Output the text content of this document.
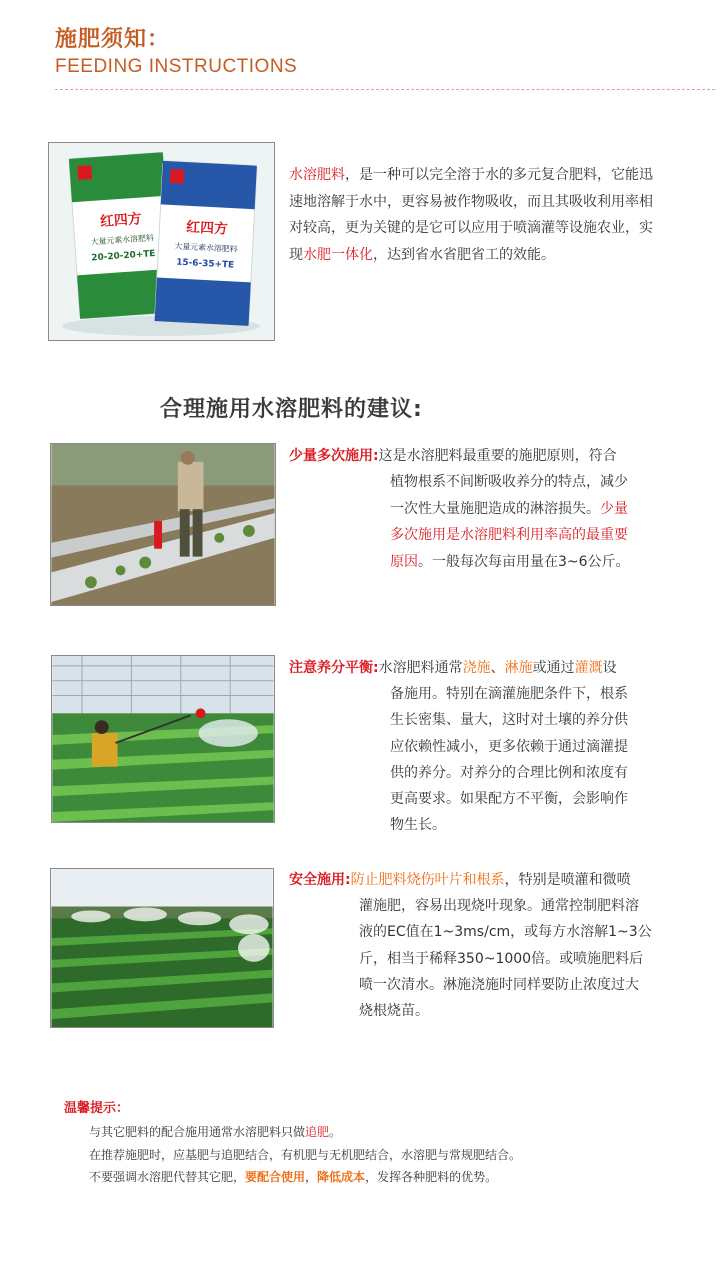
施肥须知：
FEEDING INSTRUCTIONS
红四方
大量元素水溶肥料
20-20-20+TE
红四方
大量元素水溶肥料
15-6-35+TE
水溶肥料，是一种可以完全溶于水的多元复合肥料，它能迅速地溶解于水中，更容易被作物吸收，而且其吸收利用率相对较高，更为关键的是它可以应用于喷滴灌等设施农业，实现水肥一体化，达到省水省肥省工的效能。
合理施用水溶肥料的建议:
少量多次施用:这是水溶肥料最重要的施肥原则，符合
植物根系不间断吸收养分的特点，减少
一次性大量施肥造成的淋溶损失。少量
多次施用是水溶肥料利用率高的最重要
原因。一般每次每亩用量在3~6公斤。
注意养分平衡:水溶肥料通常浇施、淋施或通过灌溉设
备施用。特别在滴灌施肥条件下，根系
生长密集、量大，这时对土壤的养分供
应依赖性减小，更多依赖于通过滴灌提
供的养分。对养分的合理比例和浓度有
更高要求。如果配方不平衡，会影响作
物生长。
安全施用:防止肥料烧伤叶片和根系，特别是喷灌和微喷
灌施肥，容易出现烧叶现象。通常控制肥料溶
液的EC值在1~3ms/cm，或每方水溶解1~3公
斤，相当于稀释350~1000倍。或喷施肥料后
喷一次清水。淋施浇施时同样要防止浓度过大
烧根烧苗。
温馨提示：
与其它肥料的配合施用通常水溶肥料只做追肥。
在推荐施肥时，应基肥与追肥结合，有机肥与无机肥结合，水溶肥与常规肥结合。
不要强调水溶肥代替其它肥，要配合使用，降低成本，发挥各种肥料的优势。
